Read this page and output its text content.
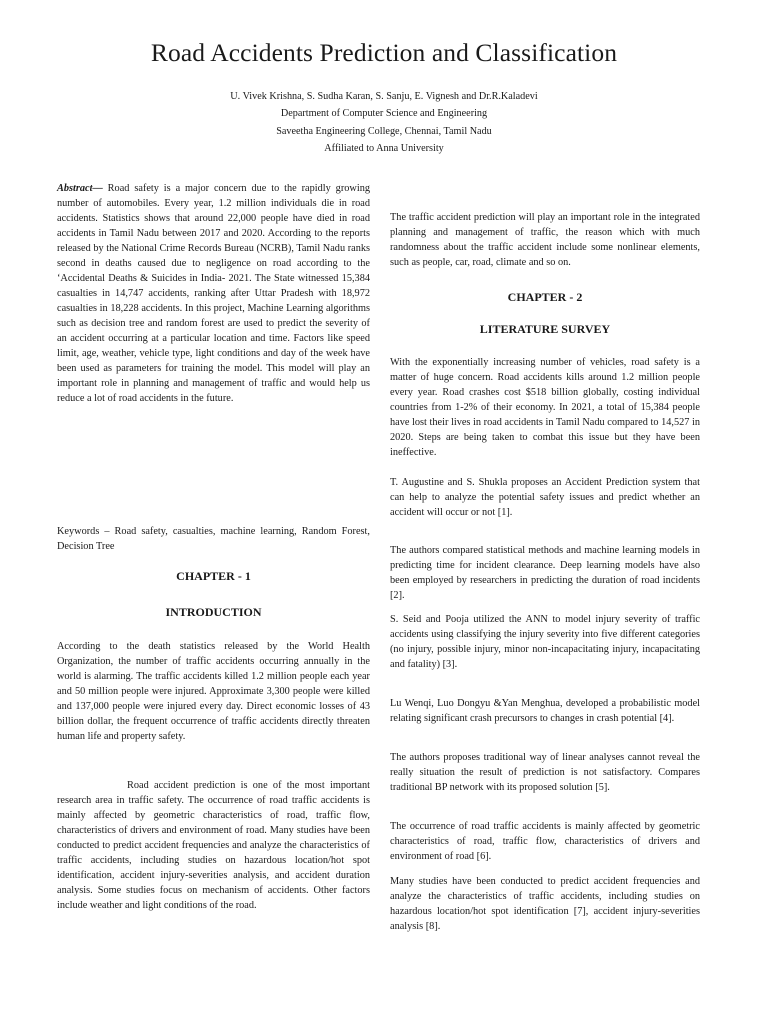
Road Accidents Prediction and Classification
U. Vivek Krishna, S. Sudha Karan, S. Sanju, E. Vignesh and Dr.R.Kaladevi
Department of Computer Science and Engineering
Saveetha Engineering College, Chennai, Tamil Nadu
Affiliated to Anna University

Abstract— Road safety is a major concern due to the rapidly growing number of automobiles. Every year, 1.2 million individuals die in road accidents. Statistics shows that around 22,000 people have died in road accidents in Tamil Nadu between 2017 and 2020. According to the reports released by the National Crime Records Bureau (NCRB), Tamil Nadu ranks second in deaths caused due to negligence on road according to the ‘Accidental Deaths & Suicides in India- 2021. The State witnessed 15,384 casualties in 14,747 accidents, ranking after Uttar Pradesh with 18,972 casualties in 18,228 accidents. In this project, Machine Learning algorithms such as decision tree and random forest are used to predict the severity of an accident occurring at a particular location and time. Factors like speed limit, age, weather, vehicle type, light conditions and day of the week have been used as parameters for training the model. This model will play an important role in planning and management of traffic and would help us reduce a lot of road accidents in the future.

Keywords – Road safety, casualties, machine learning, Random Forest, Decision Tree

CHAPTER - 1
INTRODUCTION

According to the death statistics released by the World Health Organization, the number of traffic accidents occurring annually in the world is alarming. The traffic accidents killed 1.2 million people each year and 50 million people were injured. Approximate 3,300 people were killed and 137,000 people were injured every day. Direct economic losses of 43 billion dollar, the frequent occurrence of traffic accidents directly threaten human life and property safety.

Road accident prediction is one of the most important research area in traffic safety. The occurrence of road traffic accidents is mainly affected by geometric characteristics of road, traffic flow, characteristics of drivers and environment of road. Many studies have been conducted to predict accident frequencies and analyze the characteristics of traffic accidents, including studies on hazardous location/hot spot identification, accident injury-severities analysis, and accident duration analysis. Some studies focus on mechanism of accidents. Other factors include weather and light conditions of the road.

The traffic accident prediction will play an important role in the integrated planning and management of traffic, the reason which with much randomness about the traffic accident include some nonlinear elements, such as people, car, road, climate and so on.

CHAPTER - 2
LITERATURE SURVEY

With the exponentially increasing number of vehicles, road safety is a matter of huge concern. Road accidents kills around 1.2 million people every year. Road crashes cost $518 billion globally, costing individual countries from 1-2% of their economy. In 2021, a total of 15,384 people have lost their lives in road accidents in Tamil Nadu compared to 14,527 in 2020. Steps are being taken to combat this issue but they have been ineffective.

T. Augustine and S. Shukla proposes an Accident Prediction system that can help to analyze the potential safety issues and predict whether an accident will occur or not [1].

The authors compared statistical methods and machine learning models in predicting time for incident clearance. Deep learning models have also been employed by researchers in predicting the duration of road incidents [2].

S. Seid and Pooja utilized the ANN to model injury severity of traffic accidents using classifying the injury severity into five different categories (no injury, possible injury, minor non-incapacitating injury, incapacitating and fatality) [3].

Lu Wenqi, Luo Dongyu &Yan Menghua, developed a probabilistic model relating significant crash precursors to changes in crash potential [4].

The authors proposes traditional way of linear analyses cannot reveal the really situation the result of prediction is not satisfactory. Compares traditional BP network with its proposed solution [5].

The occurrence of road traffic accidents is mainly affected by geometric characteristics of road, traffic flow, characteristics of drivers and environment of road [6].

Many studies have been conducted to predict accident frequencies and analyze the characteristics of traffic accidents, including studies on hazardous location/hot spot identification [7], accident injury-severities analysis [8].
